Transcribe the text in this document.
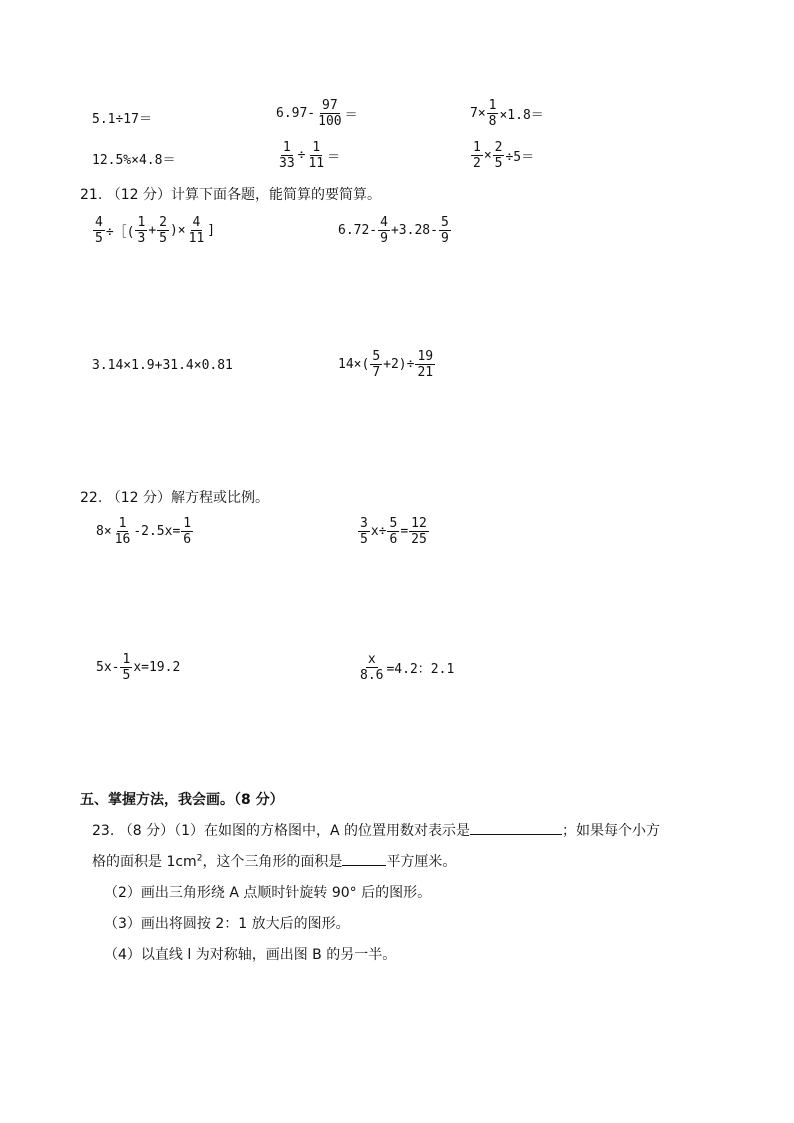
5.1÷17＝	$6.97- \frac{97}{100}$ ＝	$7\times \frac{1}{8} \times 1.8=$
12.5%×4.8＝	$\frac{1}{33} \div \frac{1}{11}$ ＝	$\frac{1}{2} \times \frac{2}{5} \div 5=$
21. （12 分）计算下面各题，能简算的要简算。
$\frac{4}{5}$ ÷［( $\frac{1}{3} + \frac{2}{5}$ )× $\frac{4}{11}$ ]	$6.72- \frac{4}{9} +3.28- \frac{5}{9}$
3.14×1.9+31.4×0.81	$14\times( \frac{5}{7} +2)\div \frac{19}{21}$
22. （12 分）解方程或比例。
$8\times \frac{1}{16} -2.5x= \frac{1}{6}$	$\frac{3}{5} x\div \frac{5}{6} = \frac{12}{25}$
$5x- \frac{1}{5} x=19.2$	$\frac{x}{8.6} =4.2$：2.1
五、掌握方法，我会画。（8 分）
23. （8 分）（1）在如图的方格图中，A 的位置用数对表示是	；如果每个小方
格的面积是 $1cm^2$，这个三角形的面积是	平方厘米。
（2）画出三角形绕 A 点顺时针旋转 90° 后的图形。
（3）画出将圆按 2：1 放大后的图形。
（4）以直线 l 为对称轴，画出图 B 的另一半。
